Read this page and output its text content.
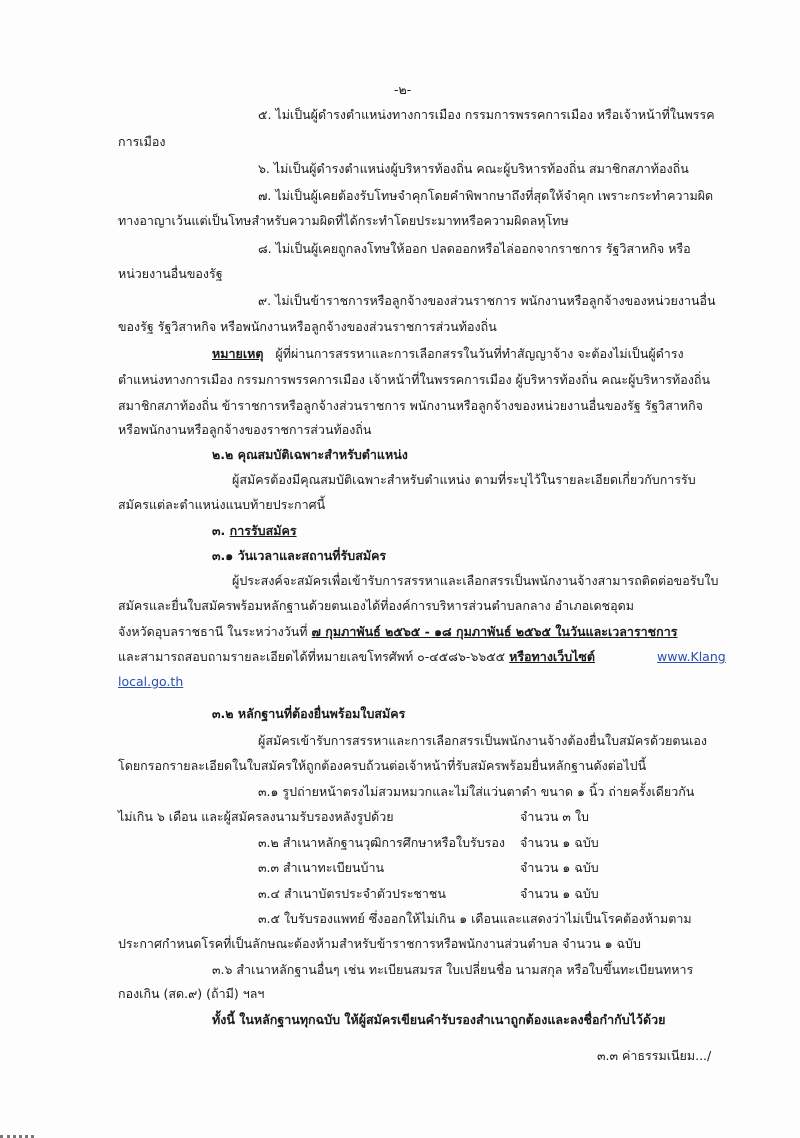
-๒-
๕. ไม่เป็นผู้ดำรงตำแหน่งทางการเมือง กรรมการพรรคการเมือง หรือเจ้าหน้าที่ในพรรค
การเมือง
๖. ไม่เป็นผู้ดำรงตำแหน่งผู้บริหารท้องถิ่น คณะผู้บริหารท้องถิ่น สมาชิกสภาท้องถิ่น
๗. ไม่เป็นผู้เคยต้องรับโทษจำคุกโดยคำพิพากษาถึงที่สุดให้จำคุก เพราะกระทำความผิด
ทางอาญาเว้นแต่เป็นโทษสำหรับความผิดที่ได้กระทำโดยประมาทหรือความผิดลหุโทษ
๘. ไม่เป็นผู้เคยถูกลงโทษให้ออก ปลดออกหรือไล่ออกจากราชการ รัฐวิสาหกิจ หรือ
หน่วยงานอื่นของรัฐ
๙. ไม่เป็นข้าราชการหรือลูกจ้างของส่วนราชการ พนักงานหรือลูกจ้างของหน่วยงานอื่น
ของรัฐ รัฐวิสาหกิจ หรือพนักงานหรือลูกจ้างของส่วนราชการส่วนท้องถิ่น
หมายเหตุ ผู้ที่ผ่านการสรรหาและการเลือกสรรในวันที่ทำสัญญาจ้าง จะต้องไม่เป็นผู้ดำรง
ตำแหน่งทางการเมือง กรรมการพรรคการเมือง เจ้าหน้าที่ในพรรคการเมือง ผู้บริหารท้องถิ่น คณะผู้บริหารท้องถิ่น
สมาชิกสภาท้องถิ่น ข้าราชการหรือลูกจ้างส่วนราชการ พนักงานหรือลูกจ้างของหน่วยงานอื่นของรัฐ รัฐวิสาหกิจ
หรือพนักงานหรือลูกจ้างของราชการส่วนท้องถิ่น
๒.๒ คุณสมบัติเฉพาะสำหรับตำแหน่ง
ผู้สมัครต้องมีคุณสมบัติเฉพาะสำหรับตำแหน่ง ตามที่ระบุไว้ในรายละเอียดเกี่ยวกับการรับ
สมัครแต่ละตำแหน่งแนบท้ายประกาศนี้
๓. การรับสมัคร
๓.๑ วันเวลาและสถานที่รับสมัคร
ผู้ประสงค์จะสมัครเพื่อเข้ารับการสรรหาและเลือกสรรเป็นพนักงานจ้างสามารถติดต่อขอรับใบ
สมัครและยื่นใบสมัครพร้อมหลักฐานด้วยตนเองได้ที่องค์การบริหารส่วนตำบลกลาง อำเภอเดชอุดม
จังหวัดอุบลราชธานี ในระหว่างวันที่ ๗ กุมภาพันธ์ ๒๕๖๕ - ๑๘ กุมภาพันธ์ ๒๕๖๕ ในวันและเวลาราชการ
และสามารถสอบถามรายละเอียดได้ที่หมายเลขโทรศัพท์ ๐-๔๕๘๖-๖๖๕๕ หรือทางเว็บไซต์	www.Klang
local.go.th
๓.๒ หลักฐานที่ต้องยื่นพร้อมใบสมัคร
ผู้สมัครเข้ารับการสรรหาและการเลือกสรรเป็นพนักงานจ้างต้องยื่นใบสมัครด้วยตนเอง
โดยกรอกรายละเอียดในใบสมัครให้ถูกต้องครบถ้วนต่อเจ้าหน้าที่รับสมัครพร้อมยื่นหลักฐานดังต่อไปนี้
๓.๑ รูปถ่ายหน้าตรงไม่สวมหมวกและไม่ใส่แว่นตาดำ ขนาด ๑ นิ้ว ถ่ายครั้งเดียวกัน
ไม่เกิน ๖ เดือน และผู้สมัครลงนามรับรองหลังรูปด้วย	จำนวน ๓ ใบ
๓.๒ สำเนาหลักฐานวุฒิการศึกษาหรือใบรับรอง จำนวน ๑ ฉบับ
๓.๓ สำเนาทะเบียนบ้าน	จำนวน ๑ ฉบับ
๓.๔ สำเนาบัตรประจำตัวประชาชน	จำนวน ๑ ฉบับ
๓.๕ ใบรับรองแพทย์ ซึ่งออกให้ไม่เกิน ๑ เดือนและแสดงว่าไม่เป็นโรคต้องห้ามตาม
ประกาศกำหนดโรคที่เป็นลักษณะต้องห้ามสำหรับข้าราชการหรือพนักงานส่วนตำบล จำนวน ๑ ฉบับ
๓.๖ สำเนาหลักฐานอื่นๆ เช่น ทะเบียนสมรส ใบเปลี่ยนชื่อ นามสกุล หรือใบขึ้นทะเบียนทหาร
กองเกิน (สด.๙) (ถ้ามี) ฯลฯ
ทั้งนี้ ในหลักฐานทุกฉบับ ให้ผู้สมัครเขียนคำรับรองสำเนาถูกต้องและลงชื่อกำกับไว้ด้วย
๓.๓ ค่าธรรมเนียม.../
